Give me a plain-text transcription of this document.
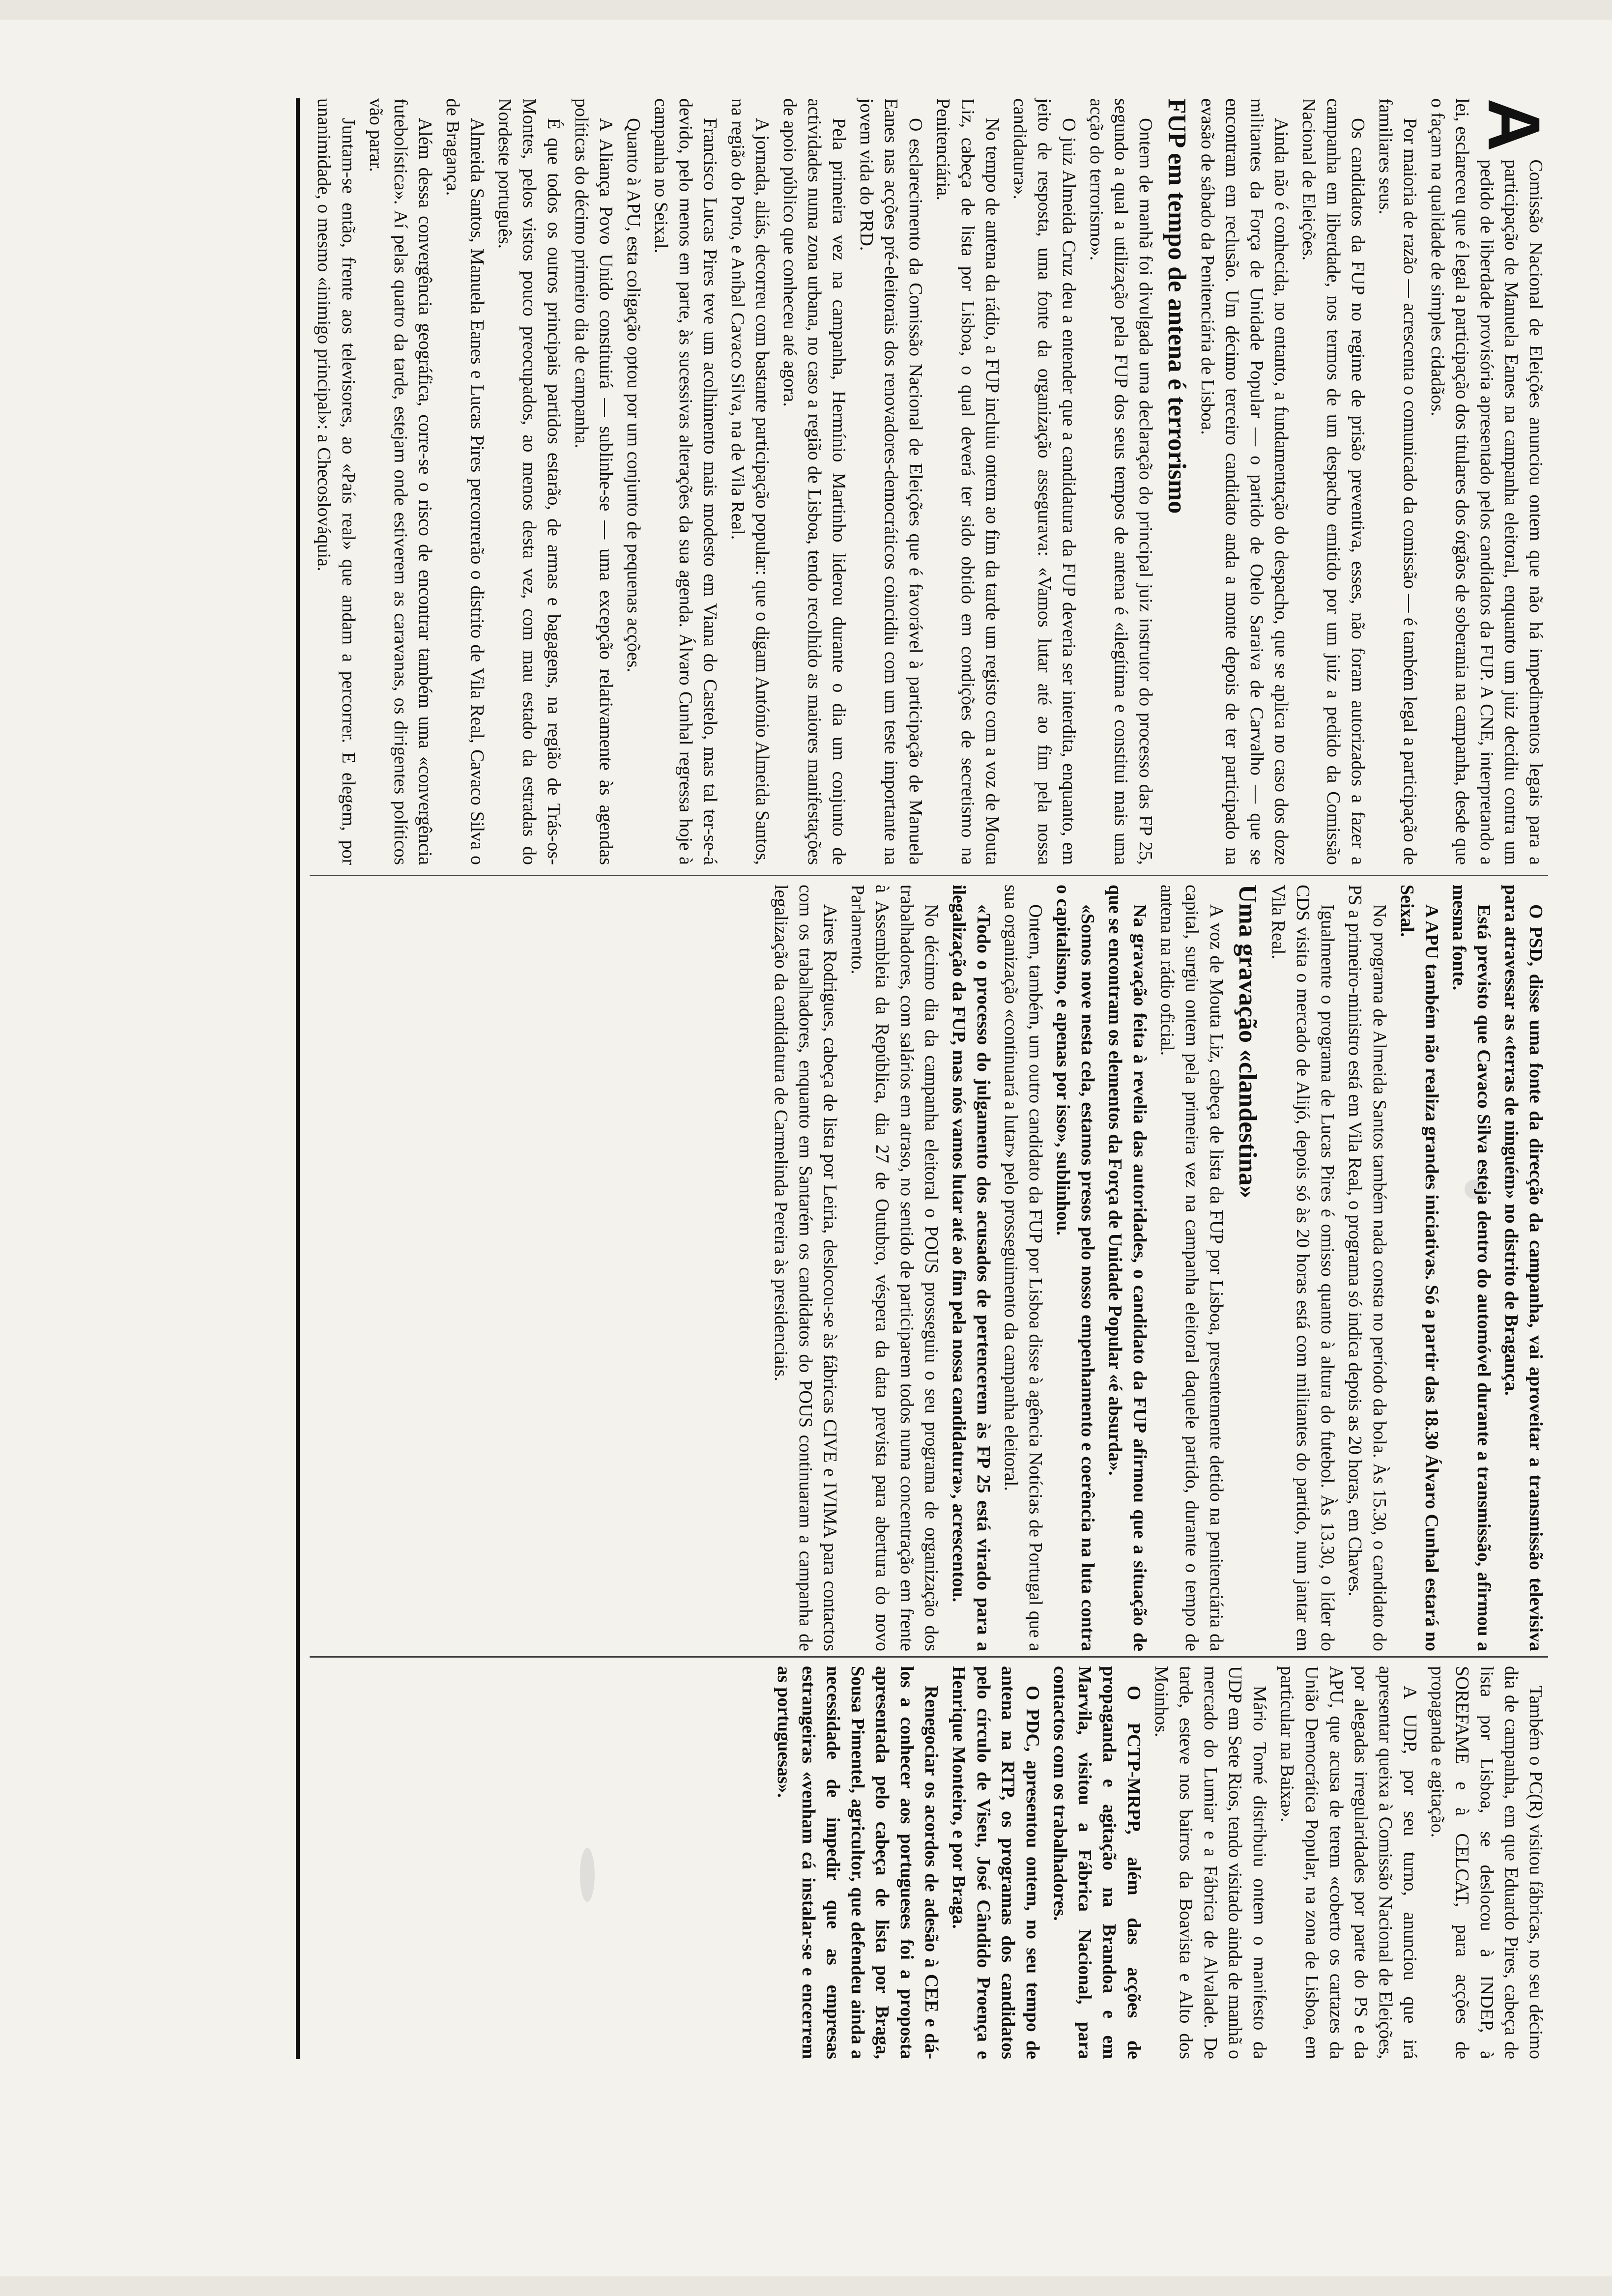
A
Comissão Nacional de Eleições anunciou ontem que não há impedimentos legais para a participação de Manuela Eanes na campanha eleitoral, enquanto um juiz decidiu contra um pedido de liberdade provisória apresentado pelos candidatos da FUP. A CNE, interpretando a lei, esclareceu que é legal a participação dos titulares dos órgãos de soberania na campanha, desde que o façam na qualidade de simples cidadãos.

Por maioria de razão — acrescenta o comunicado da comissão — é também legal a participação de familiares seus.

Os candidatos da FUP no regime de prisão preventiva, esses, não foram autorizados a fazer a campanha em liberdade, nos termos de um despacho emitido por um juiz a pedido da Comissão Nacional de Eleições.

Ainda não é conhecida, no entanto, a fundamentação do despacho, que se aplica no caso dos doze militantes da Força de Unidade Popular — o partido de Otelo Saraiva de Carvalho — que se encontram em reclusão. Um décimo terceiro candidato anda a monte depois de ter participado na evasão de sábado da Penitenciária de Lisboa.

FUP em tempo de antena é terrorismo

Ontem de manhã foi divulgada uma declaração do principal juiz instrutor do processo das FP 25, segundo a qual a utilização pela FUP dos seus tempos de antena é «ilegítima e constitui mais uma acção do terrorismo».

O juiz Almeida Cruz deu a entender que a candidatura da FUP deveria ser interdita, enquanto, em jeito de resposta, uma fonte da organização assegurava: «Vamos lutar até ao fim pela nossa candidatura».

No tempo de antena da rádio, a FUP incluiu ontem ao fim da tarde um registo com a voz de Mouta Liz, cabeça de lista por Lisboa, o qual deverá ter sido obtido em condições de secretismo na Penitenciária.

O esclarecimento da Comissão Nacional de Eleições que é favorável à participação de Manuela Eanes nas acções pré-eleitorais dos renovadores-democráticos coincidiu com um teste importante na jovem vida do PRD.

Pela primeira vez na campanha, Hermínio Martinho liderou durante o dia um conjunto de actividades numa zona urbana, no caso a região de Lisboa, tendo recolhido as maiores manifestações de apoio público que conheceu até agora.

A jornada, aliás, decorreu com bastante participação popular: que o digam António Almeida Santos, na região do Porto, e Aníbal Cavaco Silva, na de Vila Real.

Francisco Lucas Pires teve um acolhimento mais modesto em Viana do Castelo, mas tal ter-se-á devido, pelo menos em parte, às sucessivas alterações da sua agenda. Álvaro Cunhal regressa hoje à campanha no Seixal.

Quanto à APU, esta coligação optou por um conjunto de pequenas acções.

A Aliança Povo Unido constituirá — sublinhe-se — uma excepção relativamente às agendas políticas do décimo primeiro dia de campanha.

É que todos os outros principais partidos estarão, de armas e bagagens, na região de Trás-os-Montes, pelos vistos pouco preocupados, ao menos desta vez, com mau estado da estradas do Nordeste português.

Almeida Santos, Manuela Eanes e Lucas Pires percorrerão o distrito de Vila Real, Cavaco Silva o de Bragança.

Além dessa convergência geográfica, corre-se o risco de encontrar também uma «convergência futebolística». Aí pelas quatro da tarde, estejam onde estiverem as caravanas, os dirigentes políticos vão parar.

Juntam-se então, frente aos televisores, ao «País real» que andam a percorrer. E elegem, por unanimidade, o mesmo «inimigo principal»: a Checoslováquia.

O PSD, disse uma fonte da direcção da campanha, vai aproveitar a transmissão televisiva para atravessar as «terras de ninguém» no distrito de Bragança.

Está previsto que Cavaco Silva esteja dentro do automóvel durante a transmissão, afirmou a mesma fonte.

A APU também não realiza grandes iniciativas. Só a partir das 18.30 Álvaro Cunhal estará no Seixal.

No programa de Almeida Santos também nada consta no período da bola. Às 15.30, o candidato do PS a primeiro-ministro está em Vila Real, o programa só indica depois as 20 horas, em Chaves.

Igualmente o programa de Lucas Pires é omisso quanto à altura do futebol. Às 13.30, o líder do CDS visita o mercado de Alijó, depois só às 20 horas está com militantes do partido, num jantar em Vila Real.

Uma gravação «clandestina»

A voz de Mouta Liz, cabeça de lista da FUP por Lisboa, presentemente detido na penitenciária da capital, surgiu ontem pela primeira vez na campanha eleitoral daquele partido, durante o tempo de antena na rádio oficial.

Na gravação feita à revelia das autoridades, o candidato da FUP afirmou que a situação de que se encontram os elementos da Força de Unidade Popular «é absurda».

«Somos nove nesta cela, estamos presos pelo nosso empenhamento e coerência na luta contra o capitalismo, e apenas por isso», sublinhou.

Ontem, também, um outro candidato da FUP por Lisboa disse à agência Notícias de Portugal que a sua organização «continuará a lutar» pelo prosseguimento da campanha eleitoral.

«Todo o processo do julgamento dos acusados de pertencerem às FP 25 está virado para a ilegalização da FUP, mas nós vamos lutar até ao fim pela nossa candidatura», acrescentou.

No décimo dia da campanha eleitoral o POUS prosseguiu o seu programa de organização dos trabalhadores, com salários em atraso, no sentido de participarem todos numa concentração em frente à Assembleia da República, dia 27 de Outubro, véspera da data prevista para abertura do novo Parlamento.

Aires Rodrigues, cabeça de lista por Leiria, deslocou-se às fábricas CIVE e IVIMA para contactos com os trabalhadores, enquanto em Santarém os candidatos do POUS continuaram a campanha de legalização da candidatura de Carmelinda Pereira às presidenciais.

Também o PC(R) visitou fábricas, no seu décimo dia de campanha, em que Eduardo Pires, cabeça de lista por Lisboa, se deslocou à INDEP, à SOREFAME e à CELCAT, para acções de propaganda e agitação.

A UDP, por seu turno, anunciou que irá apresentar queixa à Comissão Nacional de Eleições, por alegadas irregularidades por parte do PS e da APU, que acusa de terem «coberto os cartazes da União Democrática Popular, na zona de Lisboa, em particular na Baixa».

Mário Tomé distribuiu ontem o manifesto da UDP em Sete Rios, tendo visitado ainda de manhã o mercado do Lumiar e a Fábrica de Alvalade. De tarde, esteve nos bairros da Boavista e Alto dos Moinhos.

O PCTP-MRPP, além das acções de propaganda e agitação na Brandoa e em Marvila, visitou a Fábrica Nacional, para contactos com os trabalhadores.

O PDC, apresentou ontem, no seu tempo de antena na RTP, os programas dos candidatos pelo círculo de Viseu, José Cândido Proença e Henrique Monteiro, e por Braga.

Renegociar os acordos de adesão à CEE e dá-los a conhecer aos portugueses foi a proposta apresentada pelo cabeça de lista por Braga, Sousa Pimentel, agricultor, que defendeu ainda a necessidade de impedir que as empresas estrangeiras «venham cá instalar-se e encerrem as portuguesas».
